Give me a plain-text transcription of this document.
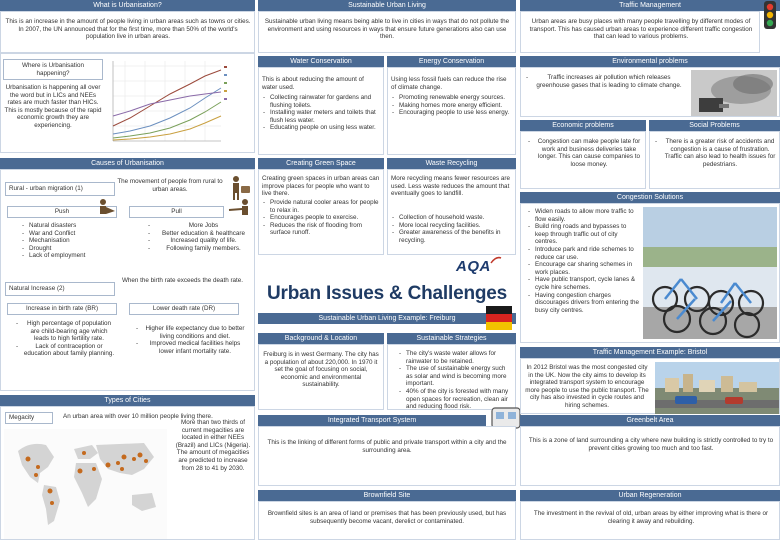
What is Urbanisation?
This is an increase in the amount of people living in urban areas such as towns or cities. In 2007, the UN announced that for the first time, more than 50% of the world's population live in urban areas.
Where is Urbanisation happening?
Urbanisation is happening all over the word but in LICs and NEEs rates are much faster than HICs. This is mostly because of the rapid economic growth they are experiencing.
Causes of Urbanisation
Rural - urban migration (1)
The movement of people from rural to urban areas.
Push	Pull
- Natural disasters
- War and Conflict
- Mechanisation
- Drought
- Lack of employment
- More Jobs
- Better education & healthcare
- Increased quality of life.
- Following family members.
Natural Increase (2)
When the birth rate exceeds the death rate.
Increase in birth rate (BR)	Lower death rate (DR)
- High percentage of population are child-bearing age which leads to high fertility rate.
- Lack of contraception or education about family planning.
- Higher life expectancy due to better living conditions and diet.
- Improved medical facilities helps lower infant mortality rate.
Types of Cities
Megacity	An urban area with over 10 million people living there.
More than two thirds of current megacities are located in either NEEs (Brazil) and LICs (Nigeria). The amount of megacities are predicted to increase from 28 to 41 by 2030.
Sustainable Urban Living
Sustainable urban living means being able to live in cities in ways that do not pollute the environment and using resources in ways that ensure future generations also can use then.
Water Conservation
This is about reducing the amount of water used.
- Collecting rainwater for gardens and flushing toilets.
- Installing water meters and toilets that flush less water.
- Educating people on using less water.
Energy Conservation
Using less fossil fuels can reduce the rise of climate change.
- Promoting renewable energy sources.
- Making homes more energy efficient.
- Encouraging people to use less energy.
Creating Green Space
Creating green spaces in urban areas can improve places for people who want to live there.
- Provide natural cooler areas for people to relax in.
- Encourages people to exercise.
- Reduces the risk of flooding from surface runoff.
Waste Recycling
More recycling means fewer resources are used. Less waste reduces the amount that eventually goes to landfill.
- Collection of household waste.
- More local recycling facilities.
- Greater awareness of the benefits in recycling.
AQA
Urban Issues & Challenges
Sustainable Urban Living Example: Freiburg
Background & Location
Freiburg is in west Germany. The city has a population of about 220,000. In 1970 it set the goal of focusing on social, economic and environmental sustainability.
Sustainable Strategies
- The city's waste water allows for rainwater to be retained.
- The use of sustainable energy such as solar and wind is becoming more important.
- 40% of the city is forested with many open spaces for recreation, clean air and reducing flood risk.
Integrated Transport System
This is the linking of different forms of public and private transport within a city and the surrounding area.
Brownfield Site
Brownfield sites is an area of land or premises that has been previously used, but has subsequently become vacant, derelict or contaminated.
Traffic Management
Urban areas are busy places with many people travelling by different modes of transport. This has caused urban areas to experience different traffic congestion that can lead to various problems.
Environmental problems
- Traffic increases air pollution which releases greenhouse gases that is leading to climate change.
Economic problems
- Congestion can make people late for work and business deliveries take longer. This can cause companies to loose money.
Social Problems
- There is a greater risk of accidents and congestion is a cause of frustration. Traffic can also lead to health issues for pedestrians.
Congestion Solutions
- Widen roads to allow more traffic to flow easily.
- Build ring roads and bypasses to keep through traffic out of city centres.
- Introduce park and ride schemes to reduce car use.
- Encourage car sharing schemes in work places.
- Have public transport, cycle lanes & cycle hire schemes.
- Having congestion charges discourages drivers from entering the busy city centres.
Traffic Management Example: Bristol
In 2012 Bristol was the most congested city in the UK. Now the city aims to develop its integrated transport system to encourage more people to use the public transport. The city has also invested in cycle routes and hiring schemes.
Greenbelt Area
This is a zone of land surrounding a city where new building is strictly controlled to try to prevent cities growing too much and too fast.
Urban Regeneration
The investment in the revival of old, urban areas by either improving what is there or clearing it away and rebuilding.
